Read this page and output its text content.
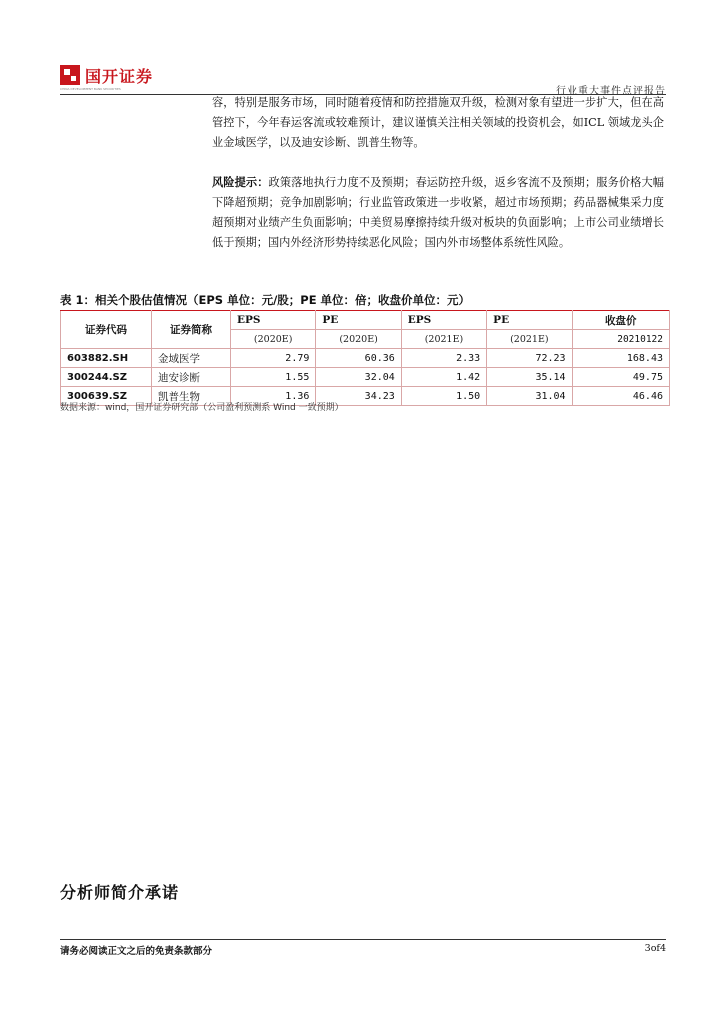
国开证券
CHINA DEVELOPMENT BANK SECURITIES	行业重大事件点评报告
容，特别是服务市场，同时随着疫情和防控措施双升级，检测对象有望进一步扩大，但在高管控下，今年春运客流或较难预计，建议谨慎关注相关领域的投资机会，如ICL 领域龙头企业金域医学，以及迪安诊断、凯普生物等。
风险提示：政策落地执行力度不及预期；春运防控升级，返乡客流不及预期；服务价格大幅下降超预期；竞争加剧影响；行业监管政策进一步收紧，超过市场预期；药品器械集采力度超预期对业绩产生负面影响；中美贸易摩擦持续升级对板块的负面影响；上市公司业绩增长低于预期；国内外经济形势持续恶化风险；国内外市场整体系统性风险。
表 1：相关个股估值情况（EPS 单位：元/股；PE 单位：倍；收盘价单位：元）
证券代码	证券简称	EPS	PE	EPS	PE	收盘价
		(2020E)	(2020E)	(2021E)	(2021E)	20210122
603882.SH	金域医学	2.79	60.36	2.33	72.23	168.43
300244.SZ	迪安诊断	1.55	32.04	1.42	35.14	49.75
300639.SZ	凯普生物	1.36	34.23	1.50	31.04	46.46
数据来源：wind，国开证券研究部（公司盈利预测系 Wind 一致预期）
分析师简介承诺
请务必阅读正文之后的免责条款部分	3of4
